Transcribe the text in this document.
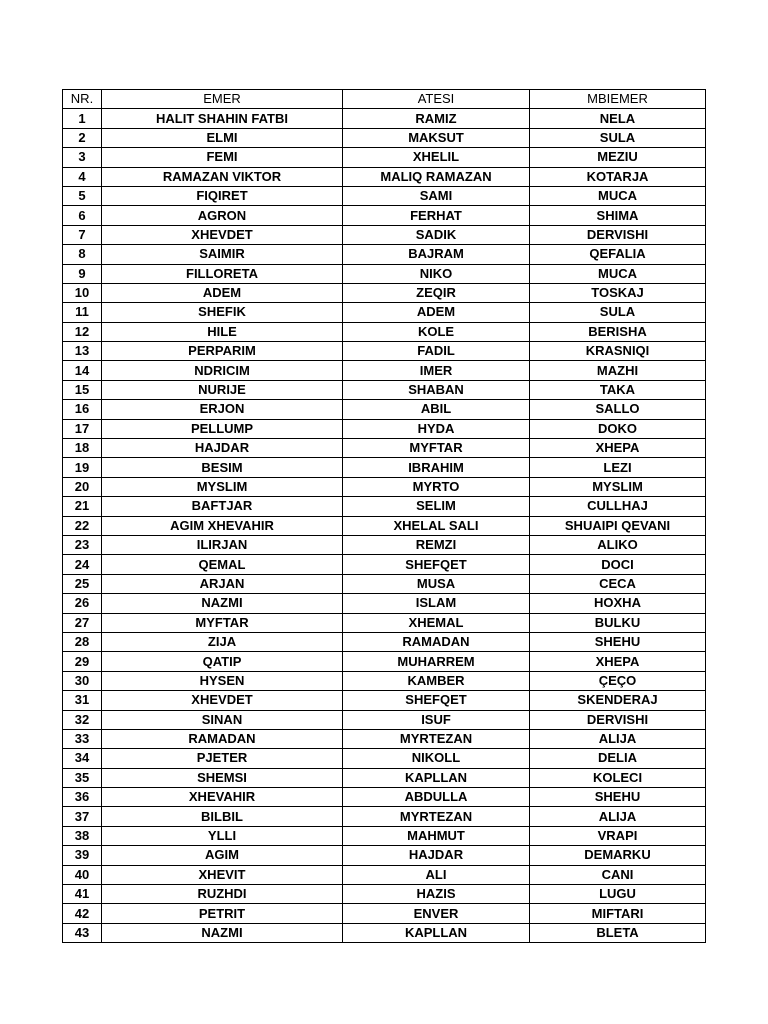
NR.	EMER	ATESI	MBIEMER
1	HALIT SHAHIN FATBI	RAMIZ	NELA
2	ELMI	MAKSUT	SULA
3	FEMI	XHELIL	MEZIU
4	RAMAZAN VIKTOR	MALIQ RAMAZAN	KOTARJA
5	FIQIRET	SAMI	MUCA
6	AGRON	FERHAT	SHIMA
7	XHEVDET	SADIK	DERVISHI
8	SAIMIR	BAJRAM	QEFALIA
9	FILLORETA	NIKO	MUCA
10	ADEM	ZEQIR	TOSKAJ
11	SHEFIK	ADEM	SULA
12	HILE	KOLE	BERISHA
13	PERPARIM	FADIL	KRASNIQI
14	NDRICIM	IMER	MAZHI
15	NURIJE	SHABAN	TAKA
16	ERJON	ABIL	SALLO
17	PELLUMP	HYDA	DOKO
18	HAJDAR	MYFTAR	XHEPA
19	BESIM	IBRAHIM	LEZI
20	MYSLIM	MYRTO	MYSLIM
21	BAFTJAR	SELIM	CULLHAJ
22	AGIM XHEVAHIR	XHELAL SALI	SHUAIPI QEVANI
23	ILIRJAN	REMZI	ALIKO
24	QEMAL	SHEFQET	DOCI
25	ARJAN	MUSA	CECA
26	NAZMI	ISLAM	HOXHA
27	MYFTAR	XHEMAL	BULKU
28	ZIJA	RAMADAN	SHEHU
29	QATIP	MUHARREM	XHEPA
30	HYSEN	KAMBER	ÇEÇO
31	XHEVDET	SHEFQET	SKENDERAJ
32	SINAN	ISUF	DERVISHI
33	RAMADAN	MYRTEZAN	ALIJA
34	PJETER	NIKOLL	DELIA
35	SHEMSI	KAPLLAN	KOLECI
36	XHEVAHIR	ABDULLA	SHEHU
37	BILBIL	MYRTEZAN	ALIJA
38	YLLI	MAHMUT	VRAPI
39	AGIM	HAJDAR	DEMARKU
40	XHEVIT	ALI	CANI
41	RUZHDI	HAZIS	LUGU
42	PETRIT	ENVER	MIFTARI
43	NAZMI	KAPLLAN	BLETA
